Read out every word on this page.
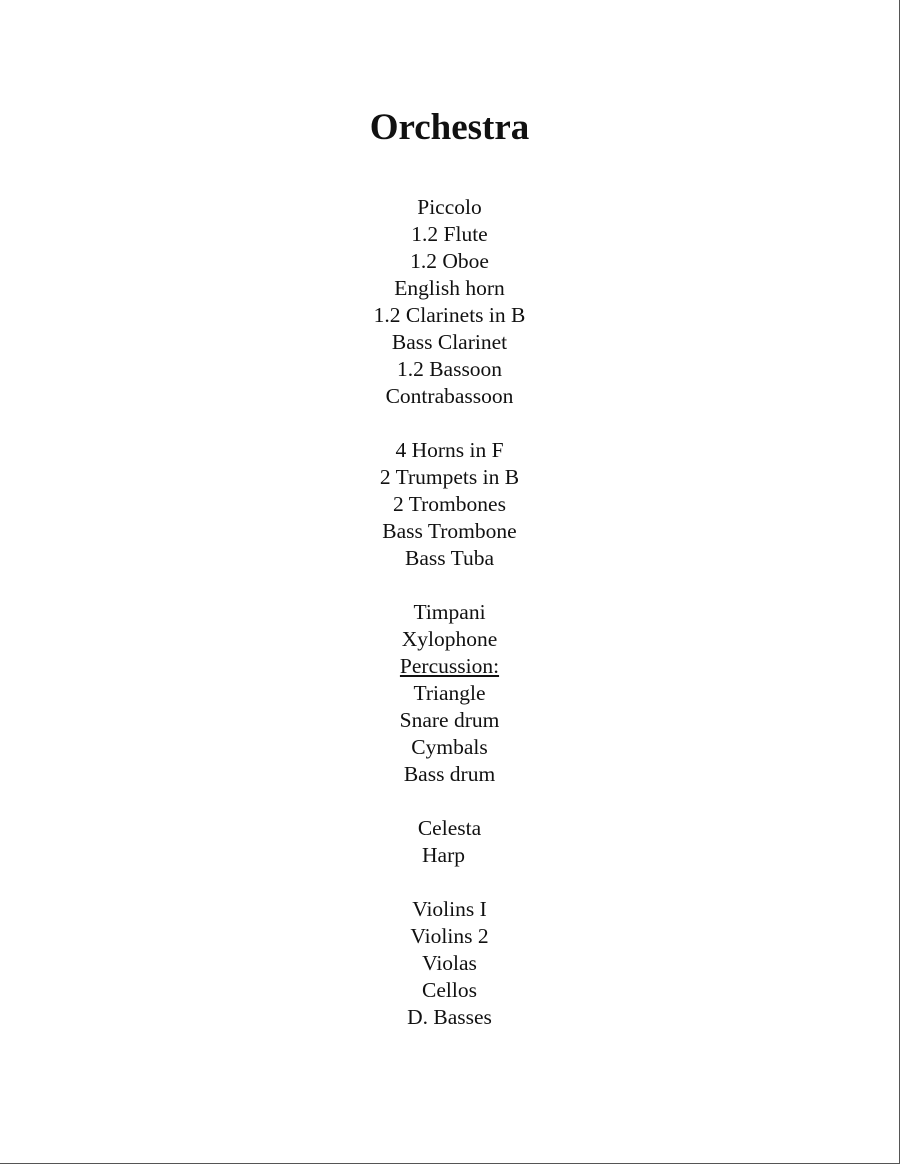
Orchestra
Piccolo
1.2 Flute
1.2 Oboe
English horn
1.2 Clarinets in B
Bass Clarinet
1.2 Bassoon
Contrabassoon
4 Horns in F
2 Trumpets in B
2 Trombones
Bass Trombone
Bass Tuba
Timpani
Xylophone
Percussion:
Triangle
Snare drum
Cymbals
Bass drum
Celesta
Harp
Violins I
Violins 2
Violas
Cellos
D. Basses
